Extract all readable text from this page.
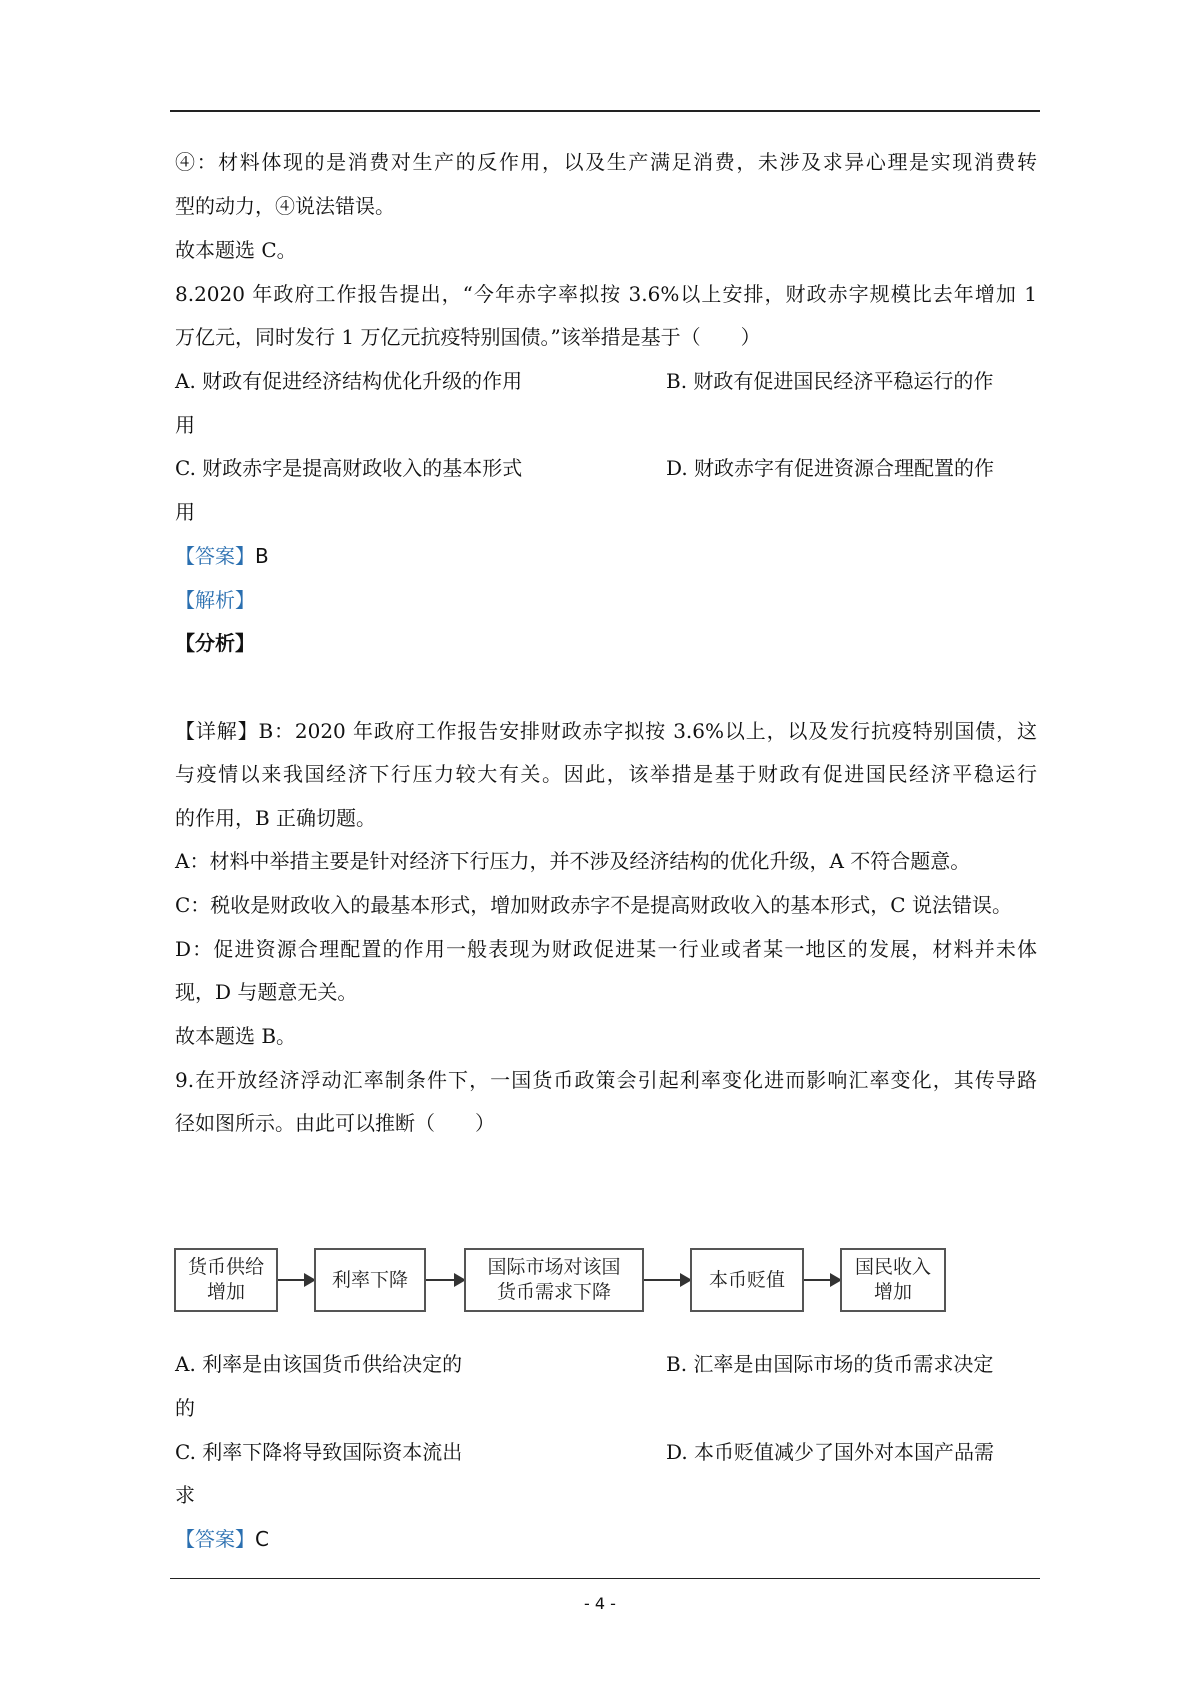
④：材料体现的是消费对生产的反作用，以及生产满足消费，未涉及求异心理是实现消费转
型的动力，④说法错误。
故本题选 C。
8.2020 年政府工作报告提出，“今年赤字率拟按 3.6%以上安排，财政赤字规模比去年增加 1
万亿元，同时发行 1 万亿元抗疫特别国债。”该举措是基于（　　）
A. 财政有促进经济结构优化升级的作用	B. 财政有促进国民经济平稳运行的作
用
C. 财政赤字是提高财政收入的基本形式	D. 财政赤字有促进资源合理配置的作
用
【答案】B
【解析】
【分析】
【详解】B：2020 年政府工作报告安排财政赤字拟按 3.6%以上，以及发行抗疫特别国债，这
与疫情以来我国经济下行压力较大有关。因此，该举措是基于财政有促进国民经济平稳运行
的作用，B 正确切题。
A：材料中举措主要是针对经济下行压力，并不涉及经济结构的优化升级，A 不符合题意。
C：税收是财政收入的最基本形式，增加财政赤字不是提高财政收入的基本形式，C 说法错误。
D：促进资源合理配置的作用一般表现为财政促进某一行业或者某一地区的发展，材料并未体
现，D 与题意无关。
故本题选 B。
9.在开放经济浮动汇率制条件下，一国货币政策会引起利率变化进而影响汇率变化，其传导路
径如图所示。由此可以推断（　　）
货币供给
增加
利率下降
国际市场对该国
货币需求下降
本币贬值
国民收入
增加
A. 利率是由该国货币供给决定的	B. 汇率是由国际市场的货币需求决定
的
C. 利率下降将导致国际资本流出	D. 本币贬值减少了国外对本国产品需
求
【答案】C
- 4 -
